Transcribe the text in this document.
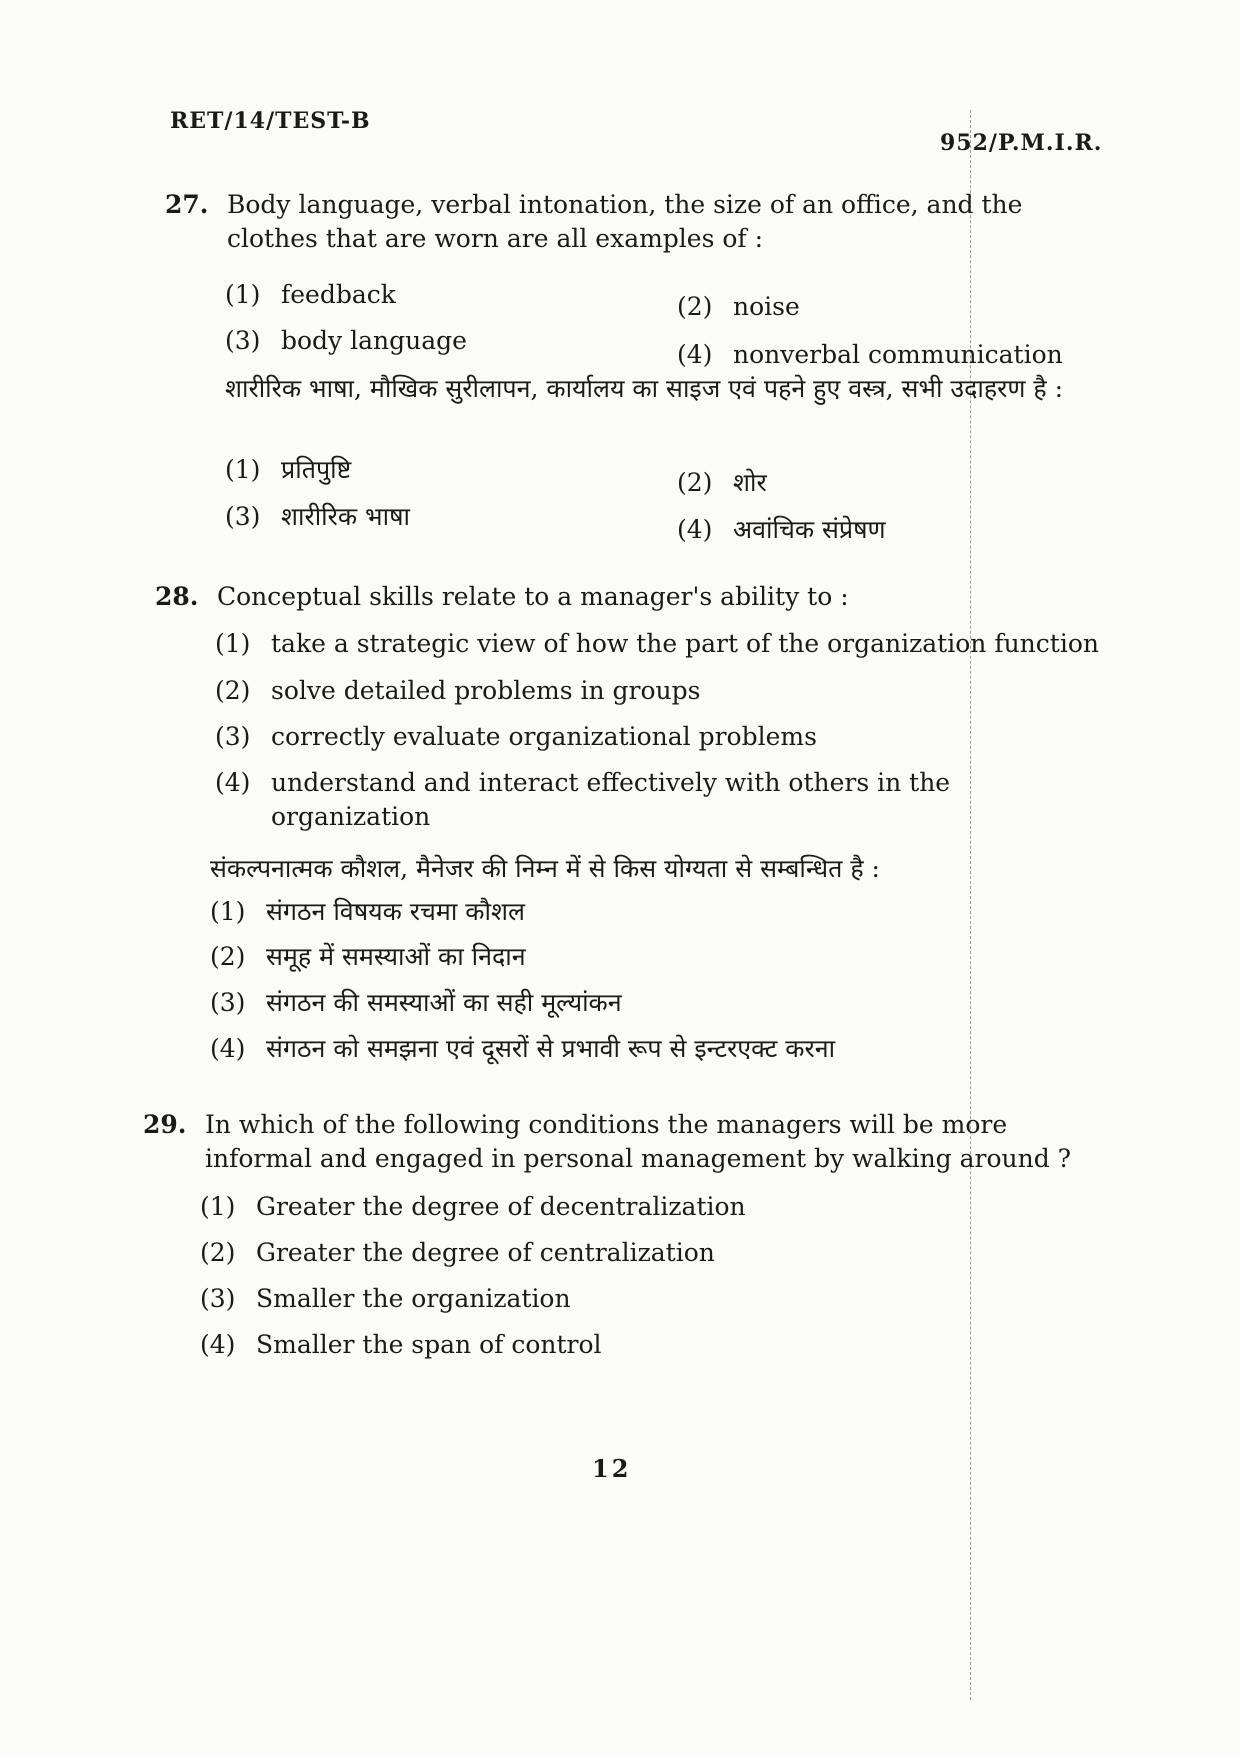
RET/14/TEST-B
952/P.M.I.R.
27. Body language, verbal intonation, the size of an office, and the clothes that are worn are all examples of :
(1) feedback	(2) noise
(3) body language	(4) nonverbal communication
शारीरिक भाषा, मौखिक सुरीलापन, कार्यालय का साइज एवं पहने हुए वस्त्र, सभी उदाहरण है :
(1) प्रतिपुष्टि	(2) शोर
(3) शारीरिक भाषा	(4) अवांचिक संप्रेषण
28. Conceptual skills relate to a manager's ability to :
(1) take a strategic view of how the part of the organization function
(2) solve detailed problems in groups
(3) correctly evaluate organizational problems
(4) understand and interact effectively with others in the organization
संकल्पनात्मक कौशल, मैनेजर की निम्न में से किस योग्यता से सम्बन्धित है :
(1) संगठन विषयक रचमा कौशल
(2) समूह में समस्याओं का निदान
(3) संगठन की समस्याओं का सही मूल्यांकन
(4) संगठन को समझना एवं दूसरों से प्रभावी रूप से इन्टरएक्ट करना
29. In which of the following conditions the managers will be more informal and engaged in personal management by walking around ?
(1) Greater the degree of decentralization
(2) Greater the degree of centralization
(3) Smaller the organization
(4) Smaller the span of control
12
